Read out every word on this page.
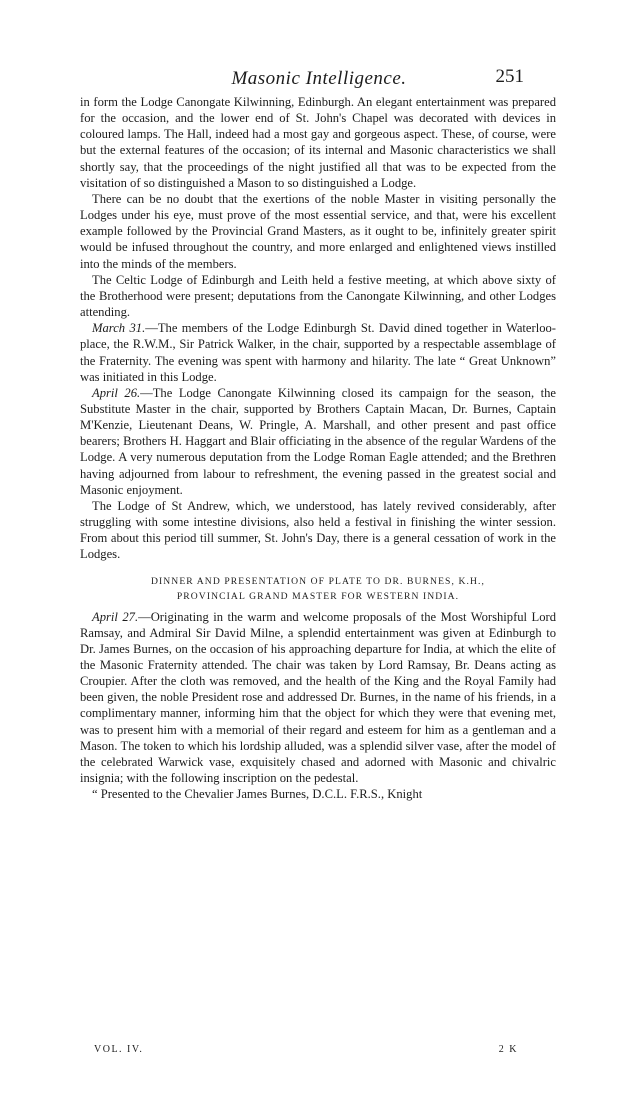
Masonic Intelligence.	251

in form the Lodge Canongate Kilwinning, Edinburgh. An elegant entertainment was prepared for the occasion, and the lower end of St. John's Chapel was decorated with devices in coloured lamps. The Hall, indeed had a most gay and gorgeous aspect. These, of course, were but the external features of the occasion; of its internal and Masonic characteristics we shall shortly say, that the proceedings of the night justified all that was to be expected from the visitation of so distinguished a Mason to so distinguished a Lodge.

There can be no doubt that the exertions of the noble Master in visiting personally the Lodges under his eye, must prove of the most essential service, and that, were his excellent example followed by the Provincial Grand Masters, as it ought to be, infinitely greater spirit would be infused throughout the country, and more enlarged and enlightened views instilled into the minds of the members.

The Celtic Lodge of Edinburgh and Leith held a festive meeting, at which above sixty of the Brotherhood were present; deputations from the Canongate Kilwinning, and other Lodges attending.

March 31.—The members of the Lodge Edinburgh St. David dined together in Waterloo-place, the R.W.M., Sir Patrick Walker, in the chair, supported by a respectable assemblage of the Fraternity. The evening was spent with harmony and hilarity. The late “ Great Unknown” was initiated in this Lodge.

April 26.—The Lodge Canongate Kilwinning closed its campaign for the season, the Substitute Master in the chair, supported by Brothers Captain Macan, Dr. Burnes, Captain M'Kenzie, Lieutenant Deans, W. Pringle, A. Marshall, and other present and past office bearers; Brothers H. Haggart and Blair officiating in the absence of the regular Wardens of the Lodge. A very numerous deputation from the Lodge Roman Eagle attended; and the Brethren having adjourned from labour to refreshment, the evening passed in the greatest social and Masonic enjoyment.

The Lodge of St Andrew, which, we understood, has lately revived considerably, after struggling with some intestine divisions, also held a festival in finishing the winter session. From about this period till summer, St. John's Day, there is a general cessation of work in the Lodges.

DINNER AND PRESENTATION OF PLATE TO DR. BURNES, K.H.,
PROVINCIAL GRAND MASTER FOR WESTERN INDIA.

April 27.—Originating in the warm and welcome proposals of the Most Worshipful Lord Ramsay, and Admiral Sir David Milne, a splendid entertainment was given at Edinburgh to Dr. James Burnes, on the occasion of his approaching departure for India, at which the elite of the Masonic Fraternity attended. The chair was taken by Lord Ramsay, Br. Deans acting as Croupier. After the cloth was removed, and the health of the King and the Royal Family had been given, the noble President rose and addressed Dr. Burnes, in the name of his friends, in a complimentary manner, informing him that the object for which they were that evening met, was to present him with a memorial of their regard and esteem for him as a gentleman and a Mason. The token to which his lordship alluded, was a splendid silver vase, after the model of the celebrated Warwick vase, exquisitely chased and adorned with Masonic and chivalric insignia; with the following inscription on the pedestal.

“ Presented to the Chevalier James Burnes, D.C.L. F.R.S., Knight

VOL. IV.	2 K
